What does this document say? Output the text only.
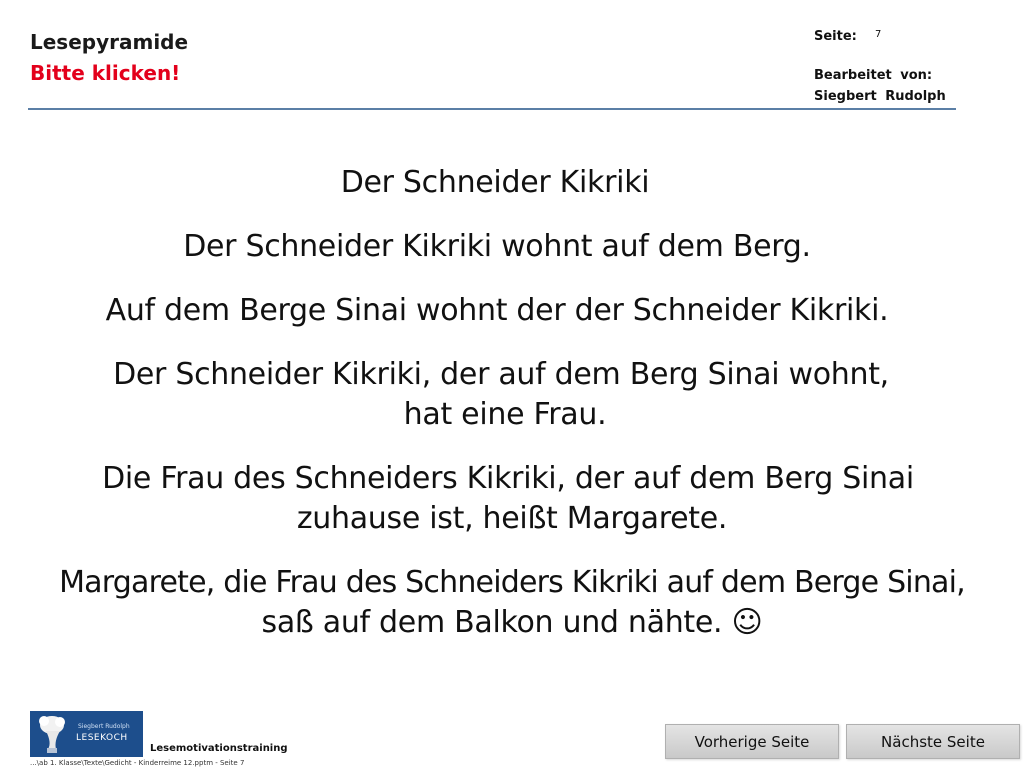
Lesepyramide
Bitte klicken!
Seite: 7
Bearbeitet von:
Siegbert Rudolph

Der Schneider Kikriki

Der Schneider Kikriki wohnt auf dem Berg.

Auf dem Berge Sinai wohnt der der Schneider Kikriki.

Der Schneider Kikriki, der auf dem Berg Sinai wohnt,

hat eine Frau.

Die Frau des Schneiders Kikriki, der auf dem Berg Sinai

zuhause ist, heißt Margarete.

Margarete, die Frau des Schneiders Kikriki auf dem Berge Sinai,

saß auf dem Balkon und nähte. ☺

Siegbert Rudolph
LESEKOCH
Lesemotivationstraining
...\ab 1. Klasse\Texte\Gedicht - Kinderreime 12.pptm - Seite 7
Vorherige Seite	Nächste Seite
